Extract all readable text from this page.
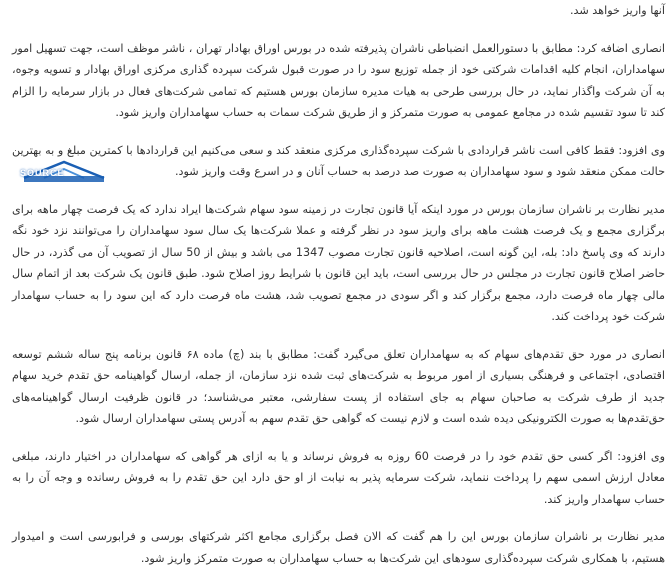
آنها واریز خواهد شد.

انصاری اضافه کرد: مطابق با دستورالعمل انضباطی ناشران پذیرفته شده در بورس اوراق بهادار تهران ، ناشر موظف است، جهت تسهیل امور سهامداران، انجام کلیه اقدامات شرکتی خود از جمله توزیع سود را در صورت قبول شرکت سپرده گذاری مرکزی اوراق بهادار و تسویه وجوه، به آن شرکت واگذار نماید، در حال بررسی طرحی به هیات مدیره سازمان بورس هستیم که تمامی شرکت‌های فعال در بازار سرمایه را الزام کند تا سود تقسیم شده در مجامع عمومی به صورت متمرکز و از طریق شرکت سمات به حساب سهامداران واریز شود.

وی افزود: فقط کافی است ناشر قراردادی با شرکت سپرده‌گذاری مرکزی منعقد کند و سعی می‌کنیم این قراردادها با کمترین مبلغ و به بهترین حالت ممکن منعقد شود و سود سهامداران به صورت صد درصد به حساب آنان و در اسرع وقت واریز شود.

مدیر نظارت بر ناشران سازمان بورس در مورد اینکه آیا قانون تجارت در زمینه سود سهام شرکت‌ها ایراد ندارد که یک فرصت چهار ماهه برای برگزاری مجمع و یک فرصت هشت ماهه برای واریز سود در نظر گرفته و عملا شرکت‌ها یک سال سود سهامداران را می‌توانند نزد خود نگه دارند که وی پاسخ داد: بله، این گونه است، اصلاحیه قانون تجارت مصوب 1347 می باشد و بیش از 50 سال از تصویب آن می گذرد، در حال حاضر اصلاح قانون تجارت در مجلس در حال بررسی است، باید این قانون با شرایط روز اصلاح شود. طبق قانون یک شرکت بعد از اتمام سال مالی چهار ماه فرصت دارد، مجمع برگزار کند و اگر سودی در مجمع تصویب شد، هشت ماه فرصت دارد که این سود را به حساب سهامدار شرکت خود پرداخت کند.

انصاری در مورد حق تقدم‌های سهام که به سهامداران تعلق می‌گیرد گفت: مطابق با بند (چ) ماده ۶۸ قانون برنامه پنج ساله ششم توسعه اقتصادی، اجتماعی و فرهنگی بسیاری از امور مربوط به شرکت‌های ثبت شده نزد سازمان، از جمله، ارسال گواهینامه حق تقدم خرید سهام جدید از طرف شرکت به صاحبان سهام به جای استفاده از پست سفارشی، معتبر می‌شناسد؛ در قانون ظرفیت ارسال گواهینامه‌های حق‌تقدم‌ها به صورت الکترونیکی دیده شده است و لازم نیست که گواهی حق تقدم سهم به آدرس پستی سهامداران ارسال شود.

وی افزود: اگر کسی حق تقدم خود را در فرصت 60 روزه به فروش نرساند و یا به ازای هر گواهی که سهامداران در اختیار دارند، مبلغی معادل ارزش اسمی سهم را پرداخت ننماید، شرکت سرمایه پذیر به نیابت از او حق دارد این حق تقدم را به فروش رسانده و وجه آن را به حساب سهامدار واریز کند.

مدیر نظارت بر ناشران سازمان بورس این را هم گفت که الان فصل برگزاری مجامع اکثر شرکتهای بورسی و فرابورسی است و امیدوار هستیم، با همکاری شرکت سپرده‌گذاری سودهای این شرکت‌ها به حساب سهامداران به صورت متمرکز واریز شود.

SOURCE
